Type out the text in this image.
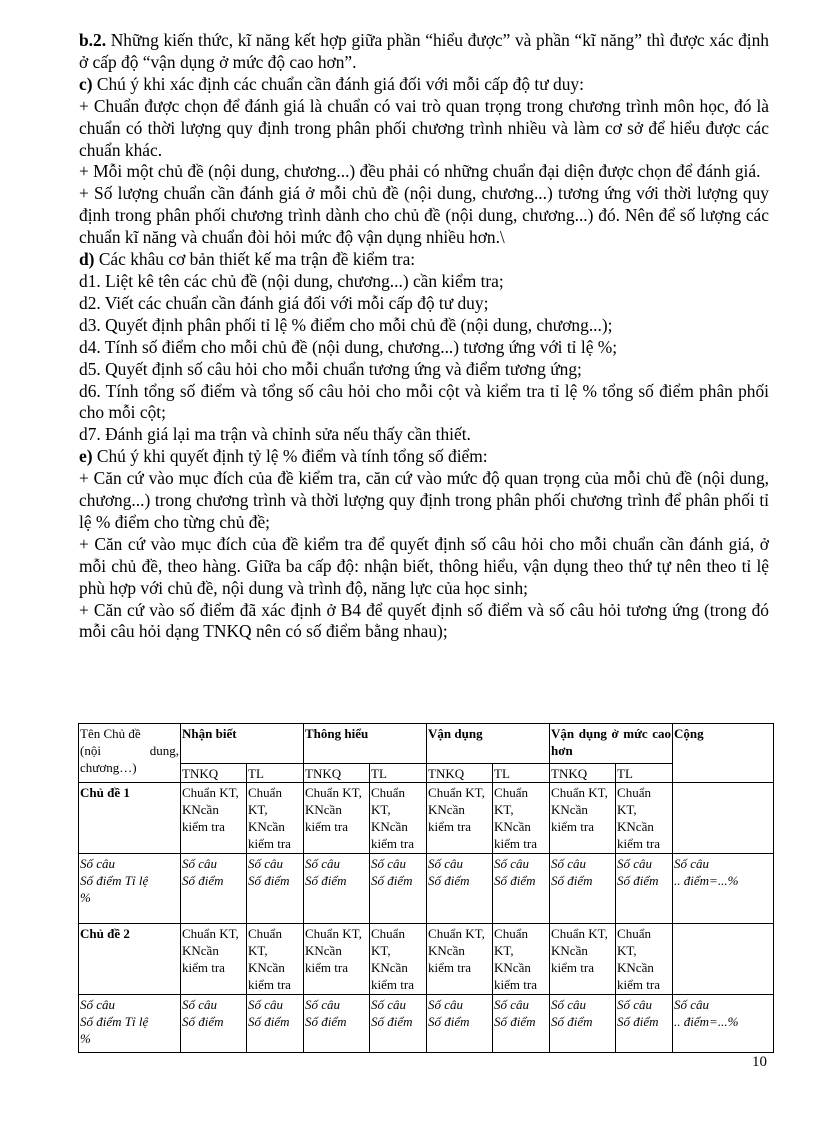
b.2. Những kiến thức, kĩ năng kết hợp giữa phần “hiểu được” và phần “kĩ năng” thì được xác định ở cấp độ “vận dụng ở mức độ cao hơn”.

c) Chú ý khi xác định các chuẩn cần đánh giá đối với mỗi cấp độ tư duy:

+ Chuẩn được chọn để đánh giá là chuẩn có vai trò quan trọng trong chương trình môn học, đó là chuẩn có thời lượng quy định trong phân phối chương trình nhiều và làm cơ sở để hiểu được các chuẩn khác.

+ Mỗi một chủ đề (nội dung, chương...) đều phải có những chuẩn đại diện được chọn để đánh giá.

+ Số lượng chuẩn cần đánh giá ở mỗi chủ đề (nội dung, chương...) tương ứng với thời lượng quy định trong phân phối chương trình dành cho chủ đề (nội dung, chương...) đó. Nên để số lượng các chuẩn kĩ năng và chuẩn đòi hỏi mức độ vận dụng nhiều hơn.\

d) Các khâu cơ bản thiết kế ma trận đề kiểm tra:

d1. Liệt kê tên các chủ đề (nội dung, chương...) cần kiểm tra;

d2. Viết các chuẩn cần đánh giá đối với mỗi cấp độ tư duy;

d3. Quyết định phân phối tỉ lệ % điểm cho mỗi chủ đề (nội dung, chương...);

d4. Tính số điểm cho mỗi chủ đề (nội dung, chương...) tương ứng với tỉ lệ %;

d5. Quyết định số câu hỏi cho mỗi chuẩn tương ứng và điểm tương ứng;

d6. Tính tổng số điểm và tổng số câu hỏi cho mỗi cột và kiểm tra tỉ lệ % tổng số điểm phân phối cho mỗi cột;

d7. Đánh giá lại ma trận và chỉnh sửa nếu thấy cần thiết.

e) Chú ý khi quyết định tỷ lệ % điểm và tính tổng số điểm:

+ Căn cứ vào mục đích của đề kiểm tra, căn cứ vào mức độ quan trọng của mỗi chủ đề (nội dung, chương...) trong chương trình và thời lượng quy định trong phân phối chương trình để phân phối tỉ lệ % điểm cho từng chủ đề;

+ Căn cứ vào mục đích của đề kiểm tra để quyết định số câu hỏi cho mỗi chuẩn cần đánh giá, ở mỗi chủ đề, theo hàng. Giữa ba cấp độ: nhận biết, thông hiểu, vận dụng theo thứ tự nên theo tỉ lệ phù hợp với chủ đề, nội dung và trình độ, năng lực của học sinh;

+ Căn cứ vào số điểm đã xác định ở B4 để quyết định số điểm và số câu hỏi tương ứng (trong đó mỗi câu hỏi dạng TNKQ nên có số điểm bằng nhau);

Tên Chủ đề
(nội dung,
chương…)	Nhận biết		Thông hiểu		Vận dụng		Vận dụng ở mức cao hơn		Cộng
	TNKQ	TL	TNKQ	TL	TNKQ	TL	TNKQ	TL	
Chủ đề 1	Chuẩn KT, KNcần kiểm tra	Chuẩn KT, KNcần kiểm tra	Chuẩn KT, KNcần kiểm tra	Chuẩn KT, KNcần kiểm tra	Chuẩn KT, KNcần kiểm tra	Chuẩn KT, KNcần kiểm tra	Chuẩn KT, KNcần kiểm tra	Chuẩn KT, KNcần kiểm tra	

Số câu
Số điểm Tỉ lệ
%	Số câu
Số điểm	Số câu
Số điểm	Số câu
Số điểm	Số câu
Số điểm	Số câu
Số điểm	Số câu
Số điểm	Số câu
Số điểm	Số câu
Số điểm	Số câu
.. điểm=...%

Chủ đề 2	Chuẩn KT, KNcần kiểm tra	Chuẩn KT, KNcần kiểm tra	Chuẩn KT, KNcần kiểm tra	Chuẩn KT, KNcần kiểm tra	Chuẩn KT, KNcần kiểm tra	Chuẩn KT, KNcần kiểm tra	Chuẩn KT, KNcần kiểm tra	Chuẩn KT, KNcần kiểm tra	

Số câu
Số điểm Tỉ lệ
%	Số câu
Số điểm	Số câu
Số điểm	Số câu
Số điểm	Số câu
Số điểm	Số câu
Số điểm	Số câu
Số điểm	Số câu
Số điểm	Số câu
Số điểm	Số câu
.. điểm=...%
10
